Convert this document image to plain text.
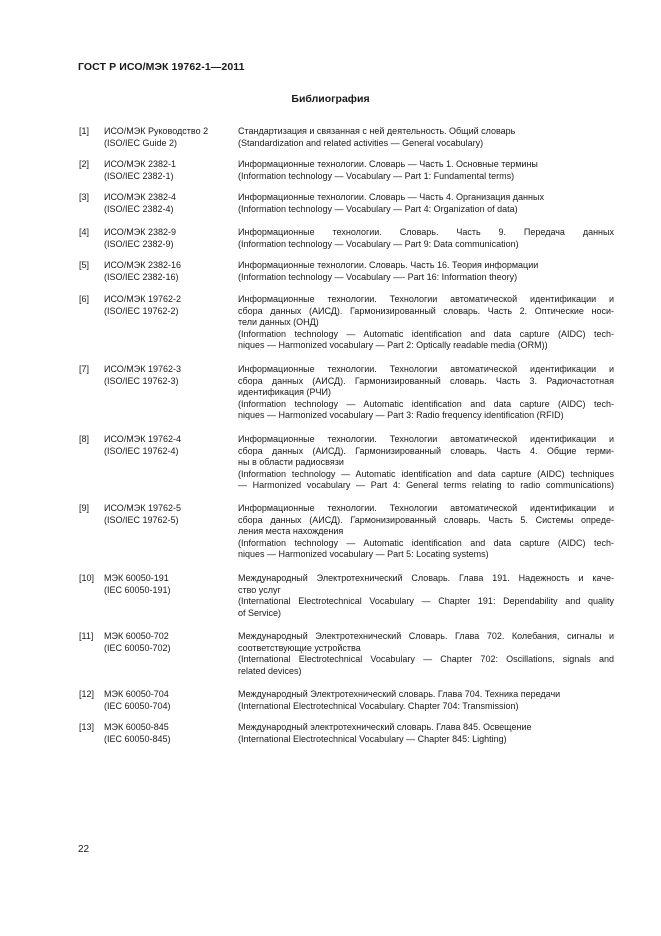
ГОСТ Р ИСО/МЭК 19762-1—2011
Библиография
[1] ИСО/МЭК Руководство 2
(ISO/IEC Guide 2)
Стандартизация и связанная с ней деятельность. Общий словарь
(Standardization and related activities — General vocabulary)
[2] ИСО/МЭК 2382-1
(ISO/IEC 2382-1)
Информационные технологии. Словарь — Часть 1. Основные термины
(Information technology — Vocabulary — Part 1: Fundamental terms)
[3] ИСО/МЭК 2382-4
(ISO/IEC 2382-4)
Информационные технологии. Словарь — Часть 4. Организация данных
(Information technology — Vocabulary — Part 4: Organization of data)
[4] ИСО/МЭК 2382-9
(ISO/IEC 2382-9)
Информационные технологии. Словарь. Часть 9. Передача данных
(Information technology — Vocabulary — Part 9: Data communication)
[5] ИСО/МЭК 2382-16
(ISO/IEC 2382-16)
Информационные технологии. Словарь. Часть 16. Теория информации
(Information technology — Vocabulary —- Part 16: Information theory)
[6] ИСО/МЭК 19762-2
(ISO/IEC 19762-2)
Информационные технологии. Технологии автоматической идентификации и
сбора данных (АИСД). Гармонизированный словарь. Часть 2. Оптические носи-
тели данных (ОНД)
(Information technology — Automatic identification and data capture (AIDC) tech-
niques — Harmonized vocabulary — Part 2: Optically readable media (ORM))
[7] ИСО/МЭК 19762-3
(ISO/IEC 19762-3)
Информационные технологии. Технологии автоматической идентификации и
сбора данных (АИСД). Гармонизированный словарь. Часть 3. Радиочастотная
идентификация (РЧИ)
(Information technology — Automatic identification and data capture (AIDC) tech-
niques — Harmonized vocabulary — Part 3: Radio frequency identification (RFID)
[8] ИСО/МЭК 19762-4
(ISO/IEC 19762-4)
Информационные технологии. Технологии автоматической идентификации и
сбора данных (АИСД). Гармонизированный словарь. Часть 4. Общие терми-
ны в области радиосвязи
(Information technology — Automatic identification and data capture (AIDC) techniques
— Harmonized vocabulary — Part 4: General terms relating to radio communications)
[9] ИСО/МЭК 19762-5
(ISO/IEC 19762-5)
Информационные технологии. Технологии автоматической идентификации и
сбора данных (АИСД). Гармонизированный словарь. Часть 5. Системы опреде-
ления места нахождения
(Information technology — Automatic identification and data capture (AIDC) tech-
niques — Harmonized vocabulary — Part 5: Locating systems)
[10] МЭК 60050-191
(IEC 60050-191)
Международный Электротехнический Словарь. Глава 191. Надежность и каче-
ство услуг
(International Electrotechnical Vocabulary — Chapter 191: Dependability and quality
of Service)
[11] МЭК 60050-702
(IEC 60050-702)
Международный Электротехнический Словарь. Глава 702. Колебания, сигналы и
соответствующие устройства
(International Electrotechnical Vocabulary — Chapter 702: Oscillations, signals and
related devices)
[12] МЭК 60050-704
(IEC 60050-704)
Международный Электротехнический словарь. Глава 704. Техника передачи
(International Electrotechnical Vocabulary. Chapter 704: Transmission)
[13] МЭК 60050-845
(IEC 60050-845)
Международный электротехнический словарь. Глава 845. Освещение
(International Electrotechnical Vocabulary — Chapter 845: Lighting)
22
